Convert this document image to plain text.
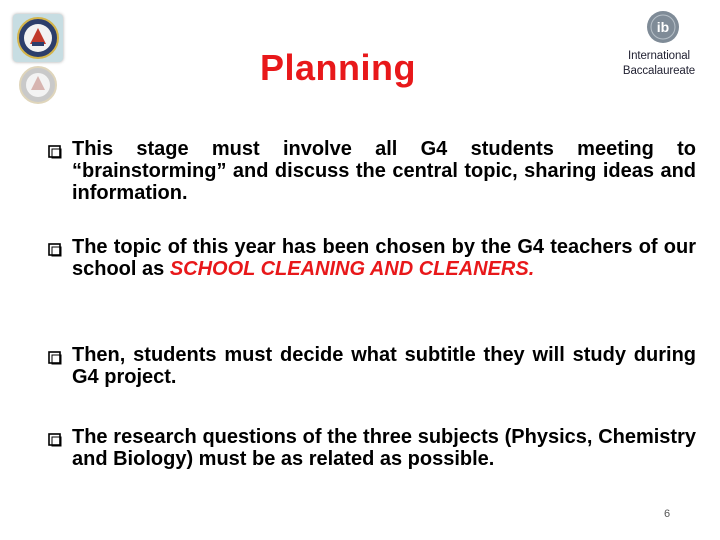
Planning
ib
International
Baccalaureate
This stage must involve all G4 students meeting to “brainstorming” and discuss the central topic, sharing ideas and information.
The topic of this year has been chosen by the G4 teachers of our school as SCHOOL CLEANING AND CLEANERS.
Then, students must decide what subtitle they will study during G4 project.
The research questions of the three subjects (Physics, Chemistry and Biology) must be as related as possible.
6
